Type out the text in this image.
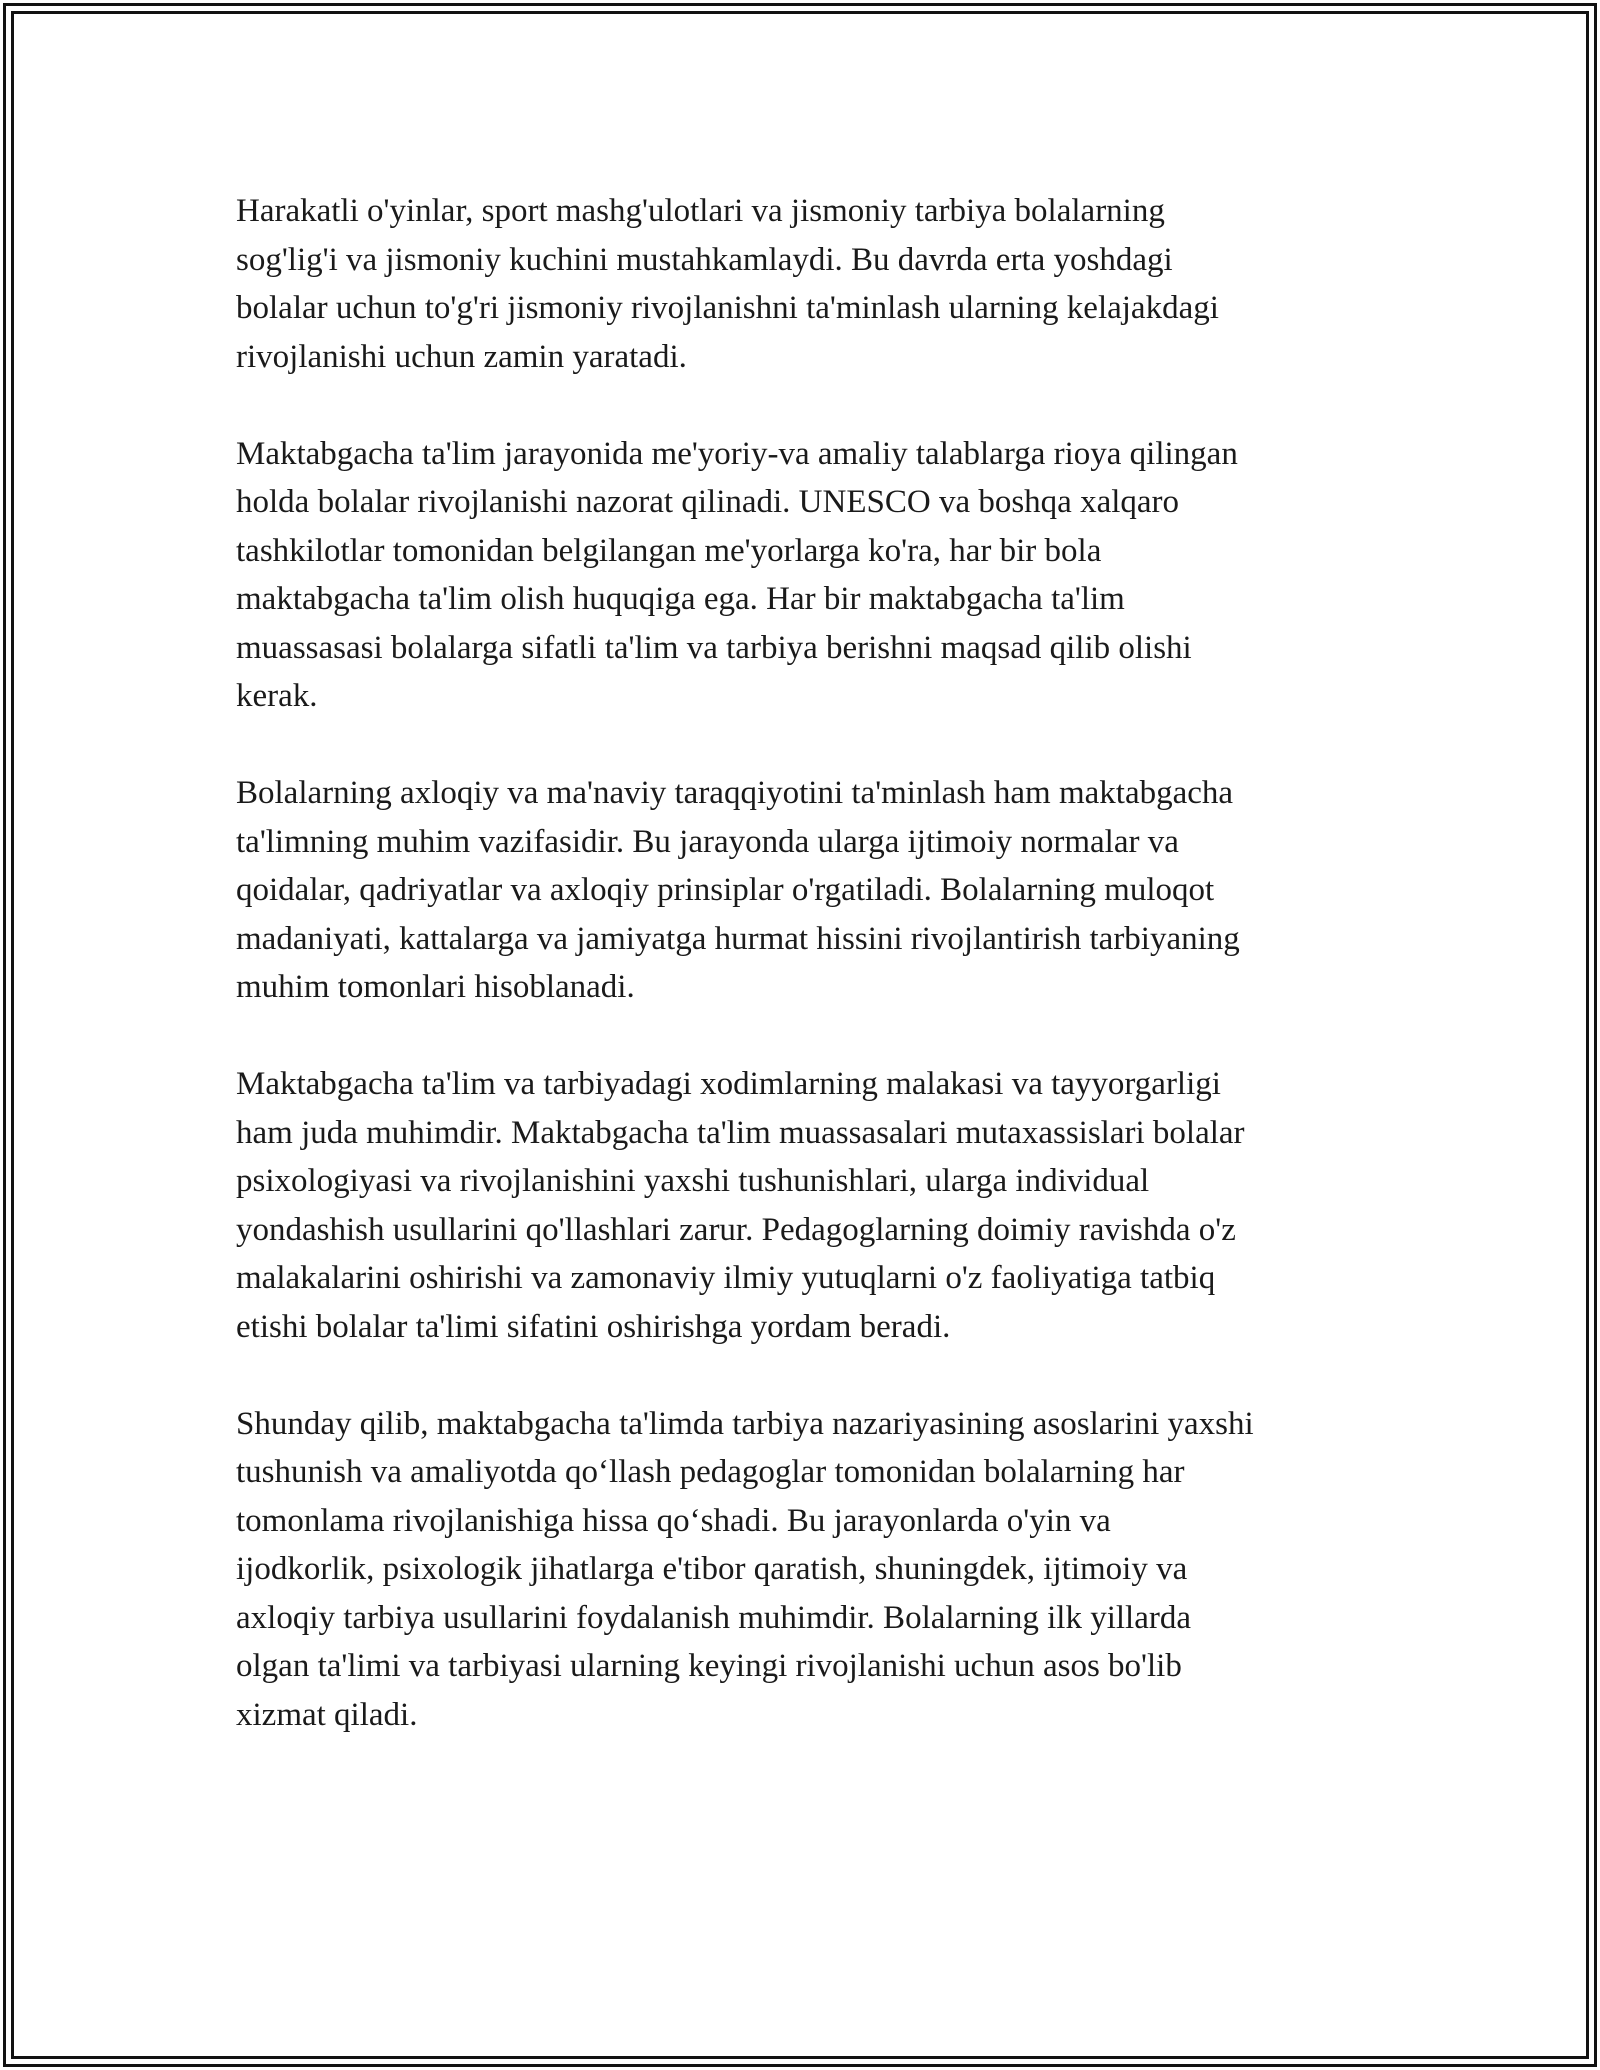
Harakatli o'yinlar, sport mashg'ulotlari va jismoniy tarbiya bolalarning
sog'lig'i va jismoniy kuchini mustahkamlaydi. Bu davrda erta yoshdagi
bolalar uchun to'g'ri jismoniy rivojlanishni ta'minlash ularning kelajakdagi
rivojlanishi uchun zamin yaratadi.

Maktabgacha ta'lim jarayonida me'yoriy-va amaliy talablarga rioya qilingan
holda bolalar rivojlanishi nazorat qilinadi. UNESCO va boshqa xalqaro
tashkilotlar tomonidan belgilangan me'yorlarga ko'ra, har bir bola
maktabgacha ta'lim olish huquqiga ega. Har bir maktabgacha ta'lim
muassasasi bolalarga sifatli ta'lim va tarbiya berishni maqsad qilib olishi
kerak.

Bolalarning axloqiy va ma'naviy taraqqiyotini ta'minlash ham maktabgacha
ta'limning muhim vazifasidir. Bu jarayonda ularga ijtimoiy normalar va
qoidalar, qadriyatlar va axloqiy prinsiplar o'rgatiladi. Bolalarning muloqot
madaniyati, kattalarga va jamiyatga hurmat hissini rivojlantirish tarbiyaning
muhim tomonlari hisoblanadi.

Maktabgacha ta'lim va tarbiyadagi xodimlarning malakasi va tayyorgarligi
ham juda muhimdir. Maktabgacha ta'lim muassasalari mutaxassislari bolalar
psixologiyasi va rivojlanishini yaxshi tushunishlari, ularga individual
yondashish usullarini qo'llashlari zarur. Pedagoglarning doimiy ravishda o'z
malakalarini oshirishi va zamonaviy ilmiy yutuqlarni o'z faoliyatiga tatbiq
etishi bolalar ta'limi sifatini oshirishga yordam beradi.

Shunday qilib, maktabgacha ta'limda tarbiya nazariyasining asoslarini yaxshi
tushunish va amaliyotda qo‘llash pedagoglar tomonidan bolalarning har
tomonlama rivojlanishiga hissa qo‘shadi. Bu jarayonlarda o'yin va
ijodkorlik, psixologik jihatlarga e'tibor qaratish, shuningdek, ijtimoiy va
axloqiy tarbiya usullarini foydalanish muhimdir. Bolalarning ilk yillarda
olgan ta'limi va tarbiyasi ularning keyingi rivojlanishi uchun asos bo'lib
xizmat qiladi.
